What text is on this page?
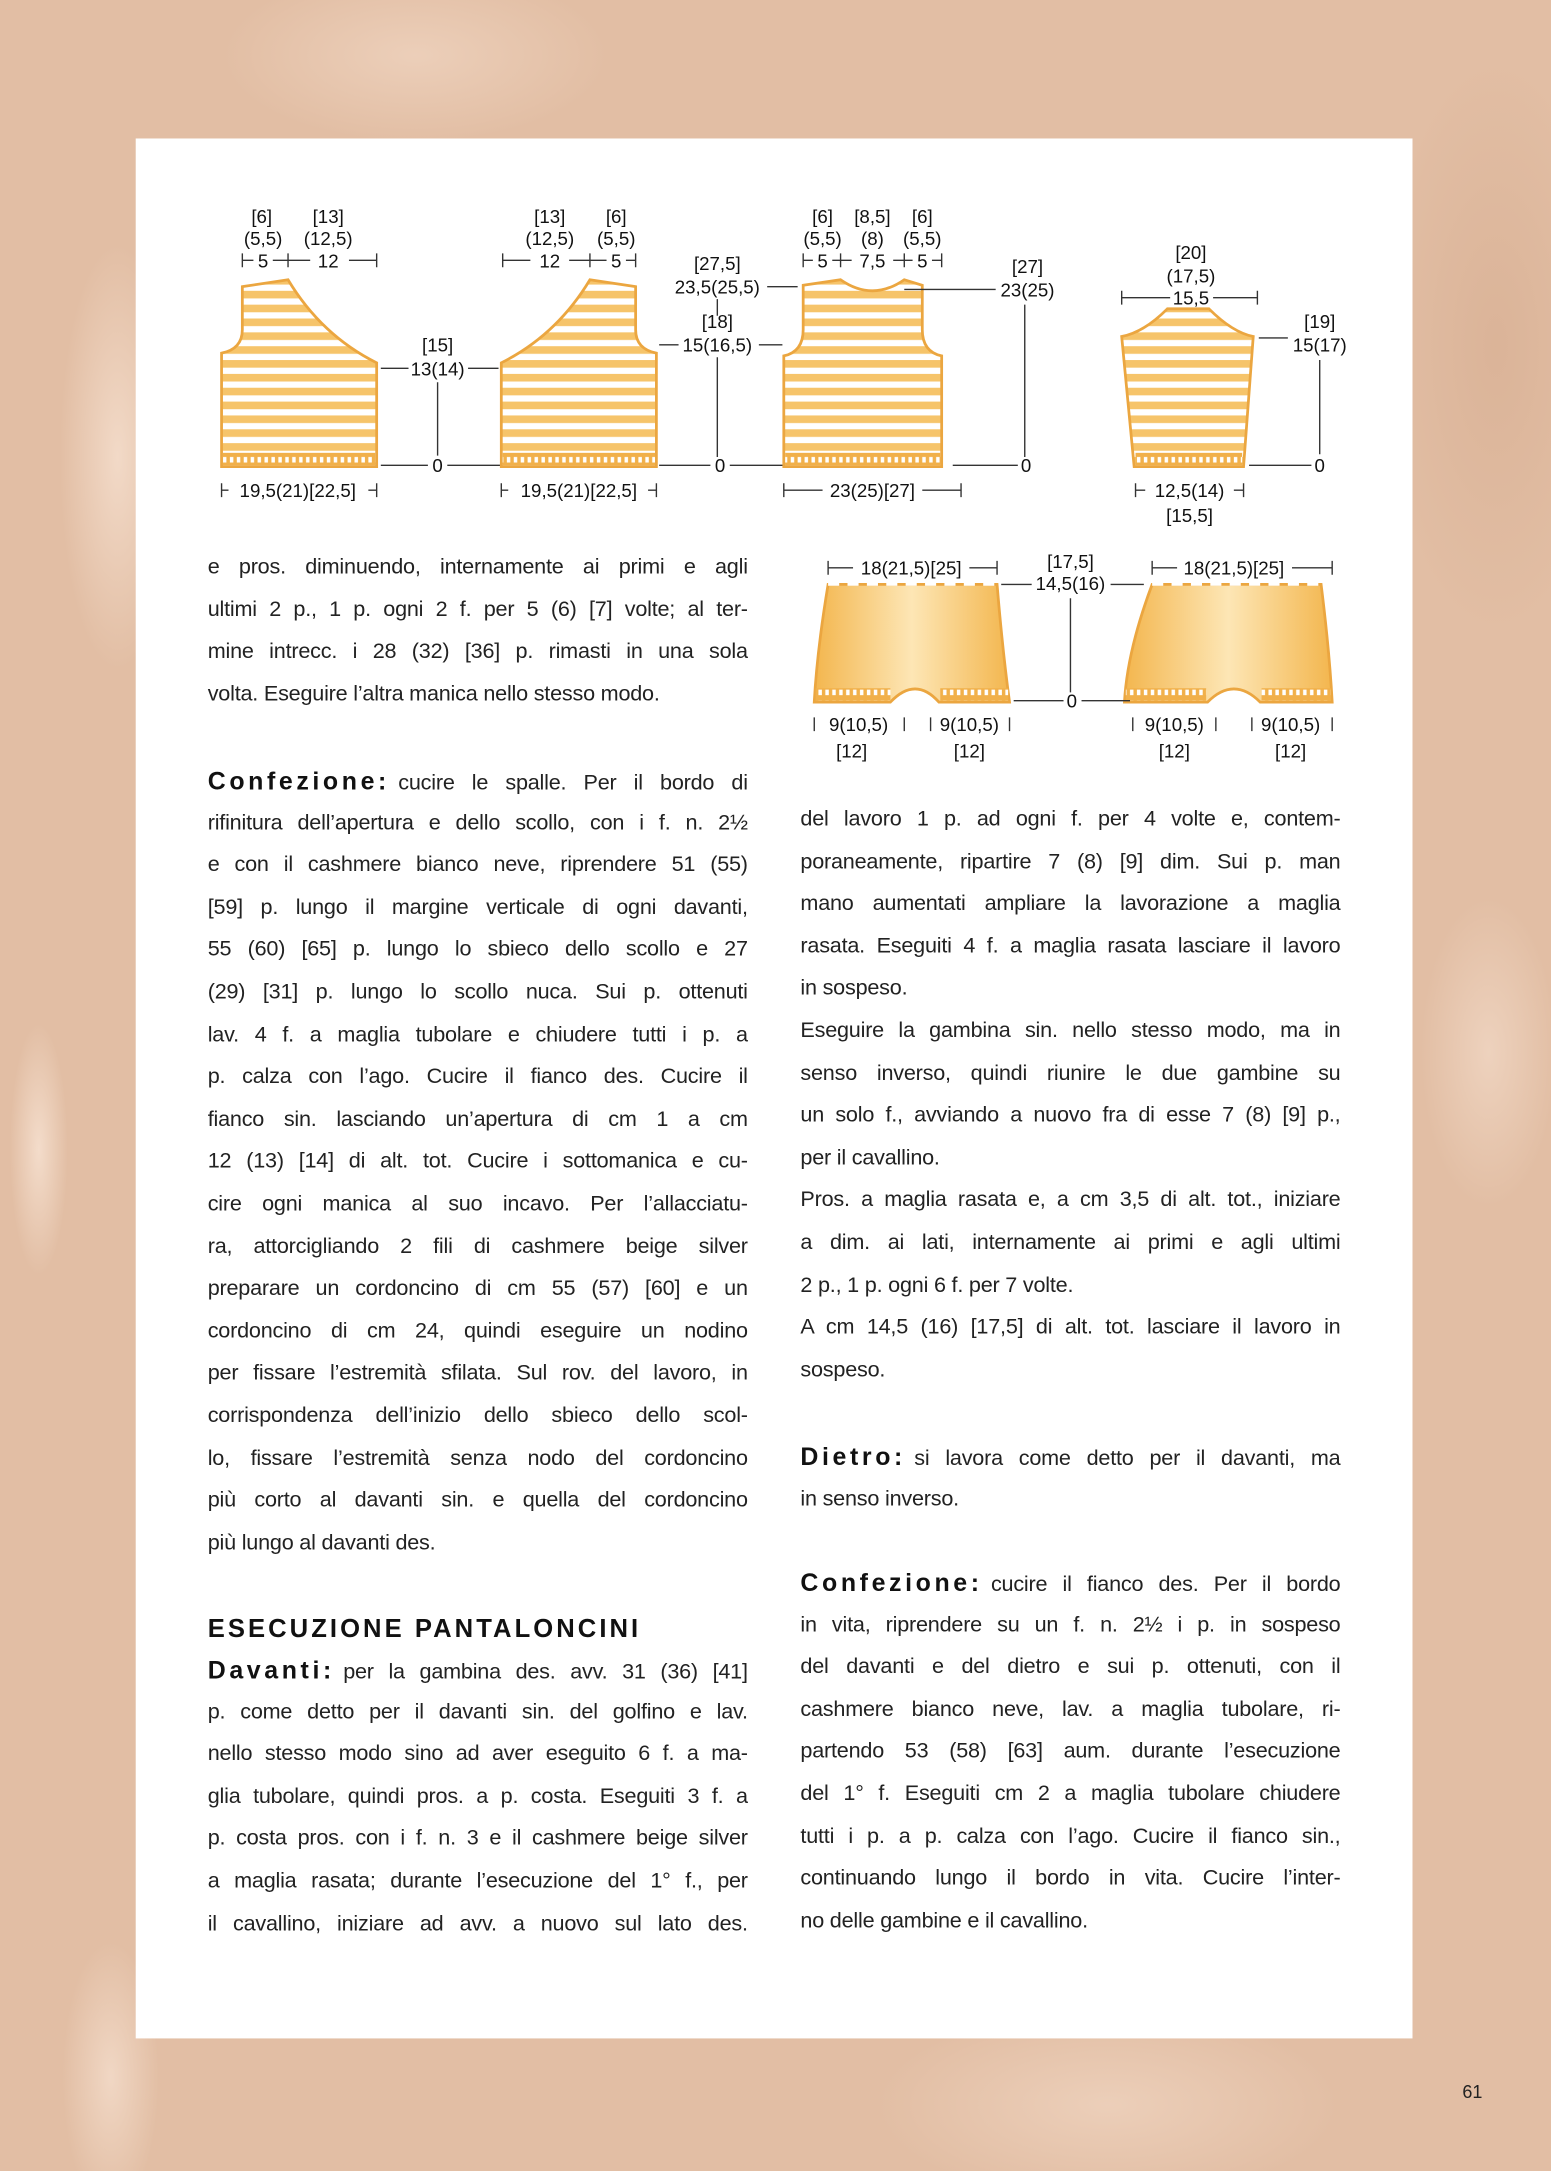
[6]
(5,5)
5
[13]
(12,5)
12
19,5(21)[22,5]
[15]
13(14)
0
[13]
(12,5)
12
[6]
(5,5)
5
19,5(21)[22,5]
[27,5]
23,5(25,5)
[18]
15(16,5)
0
[6]
(5,5)
5
[8,5]
(8)
7,5
[6]
(5,5)
5	[27]
23(25)
0
23(25)[27]
[20]
(17,5)
15,5
[19]
15(17)
0
12,5(14)
[15,5]
18(21,5)[25]	18(21,5)[25]
[17,5]
14,5(16)
0
9(10,5)
[12]
9(10,5)
[12]
9(10,5)
[12]
9(10,5)
[12]
e pros. diminuendo, internamente ai primi e agli
ultimi 2 p., 1 p. ogni 2 f. per 5 (6) [7] volte; al ter-
mine intrecc. i 28 (32) [36] p. rimasti in una sola
volta. Eseguire l’altra manica nello stesso modo.
Confezione: cucire le spalle. Per il bordo di
rifinitura dell’apertura e dello scollo, con i f. n. 2½
e con il cashmere bianco neve, riprendere 51 (55)
[59] p. lungo il margine verticale di ogni davanti,
55 (60) [65] p. lungo lo sbieco dello scollo e 27
(29) [31] p. lungo lo scollo nuca. Sui p. ottenuti
lav. 4 f. a maglia tubolare e chiudere tutti i p. a
p. calza con l’ago. Cucire il fianco des. Cucire il
fianco sin. lasciando un’apertura di cm 1 a cm
12 (13) [14] di alt. tot. Cucire i sottomanica e cu-
cire ogni manica al suo incavo. Per l’allacciatu-
ra, attorcigliando 2 fili di cashmere beige silver
preparare un cordoncino di cm 55 (57) [60] e un
cordoncino di cm 24, quindi eseguire un nodino
per fissare l’estremità sfilata. Sul rov. del lavoro, in
corrispondenza dell’inizio dello sbieco dello scol-
lo, fissare l’estremità senza nodo del cordoncino
più corto al davanti sin. e quella del cordoncino
più lungo al davanti des.
ESECUZIONE PANTALONCINI
Davanti: per la gambina des. avv. 31 (36) [41]
p. come detto per il davanti sin. del golfino e lav.
nello stesso modo sino ad aver eseguito 6 f. a ma-
glia tubolare, quindi pros. a p. costa. Eseguiti 3 f. a
p. costa pros. con i f. n. 3 e il cashmere beige silver
a maglia rasata; durante l’esecuzione del 1° f., per
il cavallino, iniziare ad avv. a nuovo sul lato des.
del lavoro 1 p. ad ogni f. per 4 volte e, contem-
poraneamente, ripartire 7 (8) [9] dim. Sui p. man
mano aumentati ampliare la lavorazione a maglia
rasata. Eseguiti 4 f. a maglia rasata lasciare il lavoro
in sospeso.
Eseguire la gambina sin. nello stesso modo, ma in
senso inverso, quindi riunire le due gambine su
un solo f., avviando a nuovo fra di esse 7 (8) [9] p.,
per il cavallino.
Pros. a maglia rasata e, a cm 3,5 di alt. tot., iniziare
a dim. ai lati, internamente ai primi e agli ultimi
2 p., 1 p. ogni 6 f. per 7 volte.
A cm 14,5 (16) [17,5] di alt. tot. lasciare il lavoro in
sospeso.
Dietro: si lavora come detto per il davanti, ma
in senso inverso.
Confezione: cucire il fianco des. Per il bordo
in vita, riprendere su un f. n. 2½ i p. in sospeso
del davanti e del dietro e sui p. ottenuti, con il
cashmere bianco neve, lav. a maglia tubolare, ri-
partendo 53 (58) [63] aum. durante l’esecuzione
del 1° f. Eseguiti cm 2 a maglia tubolare chiudere
tutti i p. a p. calza con l’ago. Cucire il fianco sin.,
continuando lungo il bordo in vita. Cucire l’inter-
no delle gambine e il cavallino.
61
